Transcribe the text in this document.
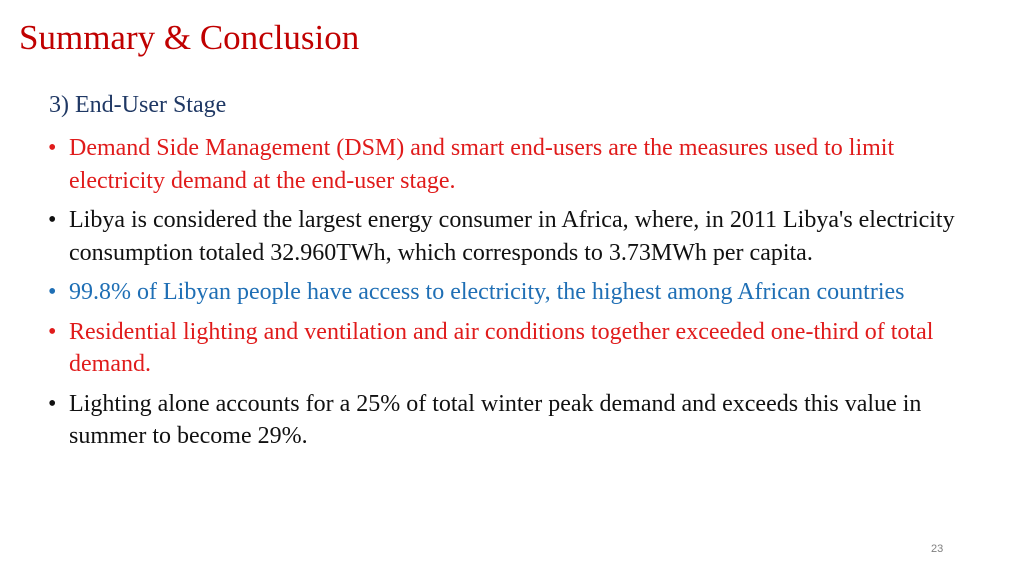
Summary & Conclusion
3) End-User Stage
• Demand Side Management (DSM) and smart end-users are the measures used to limit electricity demand at the end-user stage.
• Libya is considered the largest energy consumer in Africa, where, in 2011 Libya's electricity consumption totaled 32.960TWh, which corresponds to 3.73MWh per capita.
• 99.8% of Libyan people have access to electricity, the highest among African countries
• Residential lighting and ventilation and air conditions together exceeded one-third of total demand.
• Lighting alone accounts for a 25% of total winter peak demand and exceeds this value in summer to become 29%.
23
